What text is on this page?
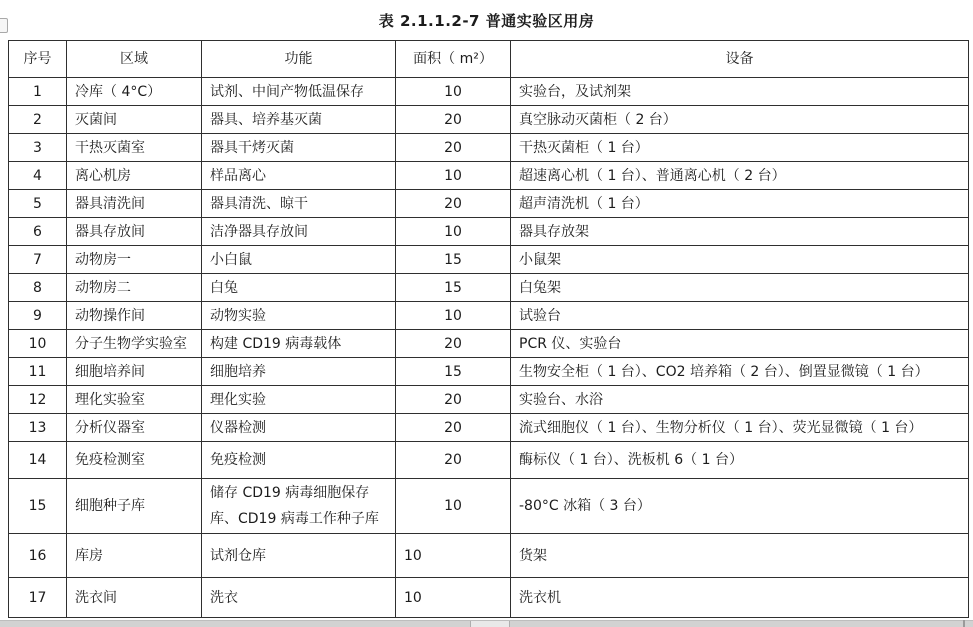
表 2.1.1.2-7 普通实验区用房
序号	区域	功能	面积（ m²）	设备
1	冷库（ 4°C）	试剂、中间产物低温保存	10	实验台，及试剂架
2	灭菌间	器具、培养基灭菌	20	真空脉动灭菌柜（ 2 台）
3	干热灭菌室	器具干烤灭菌	20	干热灭菌柜（ 1 台）
4	离心机房	样品离心	10	超速离心机（ 1 台）、普通离心机（ 2 台）
5	器具清洗间	器具清洗、晾干	20	超声清洗机（ 1 台）
6	器具存放间	洁净器具存放间	10	器具存放架
7	动物房一	小白鼠	15	小鼠架
8	动物房二	白兔	15	白兔架
9	动物操作间	动物实验	10	试验台
10	分子生物学实验室	构建 CD19 病毒载体	20	PCR 仪、实验台
11	细胞培养间	细胞培养	15	生物安全柜（ 1 台）、CO2 培养箱（ 2 台）、倒置显微镜（ 1 台）
12	理化实验室	理化实验	20	实验台、水浴
13	分析仪器室	仪器检测	20	流式细胞仪（ 1 台）、生物分析仪（ 1 台）、荧光显微镜（ 1 台）
14	免疫检测室	免疫检测	20	酶标仪（ 1 台）、洗板机 6（ 1 台）
15	细胞种子库	储存 CD19 病毒细胞保存库、CD19 病毒工作种子库	10	-80°C 冰箱（ 3 台）
16	库房	试剂仓库	10	货架
17	洗衣间	洗衣	10	洗衣机
